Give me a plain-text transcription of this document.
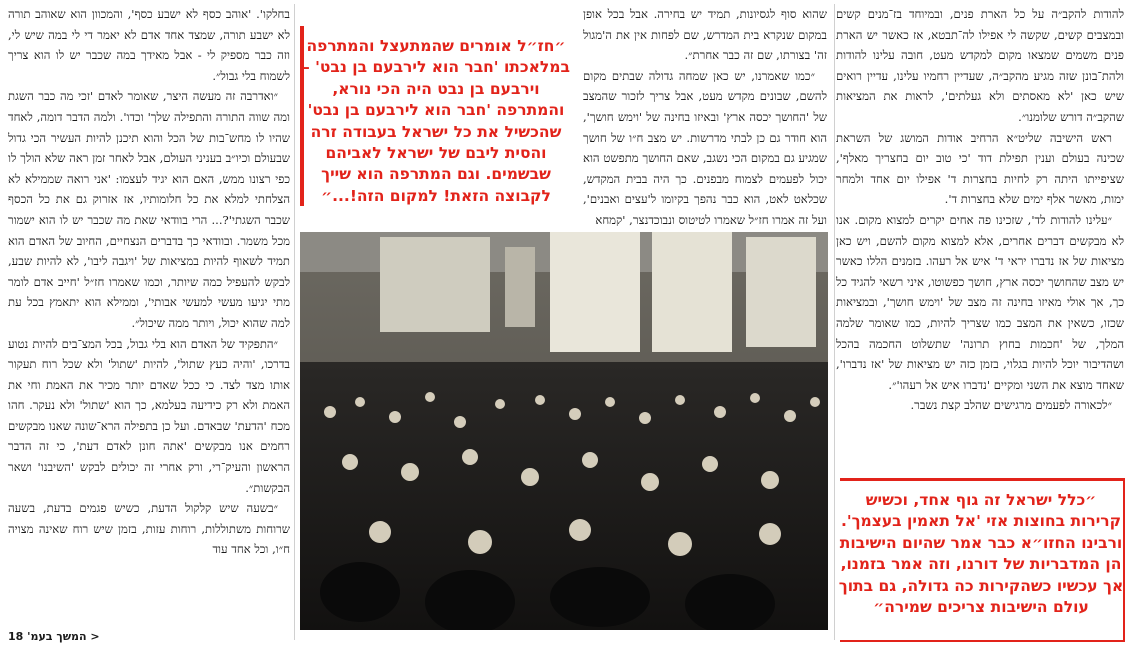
להודות להקב״ה על כל הארת פנים, ובמיוחד בז־מנים קשים ובמצבים קשים, שקשה לי אפילו לה־תבטא, אז כאשר יש הארת פנים משמים שמצאו מקום למקדש מעט, חובה עלינו להודות ולהת־בונן שזה מגיע מהקב״ה, שעדיין רחמיו עלינו, עדיין רואים שיש כאן 'לא מאסתים ולא געלתים', לראות את המציאות שהקב״ה דורש שלומנו״.

ראש הישיבה שליט״א הרחיב אודות המושג של השראת שכינה בעולם וענין תפילת דוד 'כי טוב יום בחצריך מאלף', שציפייתו היתה רק לחיות בחצרות ד' אפילו יום אחד ולמחר ימות, מאשר אלף ימים שלא בחצרות ד'.

״עלינו להודות לד', שזכינו פה אחים יקרים למצוא מקום. אנו לא מבקשים דברים אחרים, אלא למצוא מקום להשם, ויש כאן מציאות של אז נדברו יראי ד' איש אל רעהו. בזמנים הללו כאשר יש מצב שהחושך יכסה ארץ, חושך כפשוטו, איני רשאי להגיד כל כך, אך אולי מאיזו בחינה זה מצב של 'וימש חושך', ובמציאות שכזו, כשאין את המצב כמו שצריך להיות, כמו שאומר שלמה המלך, של 'חכמות בחוץ תרונה' שתשלוט החכמה בהכל ושהדיבור יוכל להיות בגלוי, בזמן כזה יש מציאות של 'אז נדברו', שאחד מוצא את השני ומקיים 'נדברו איש אל רעהו'״.

״לכאורה לפעמים מרגישים שהלב קצת נשבר.

״כלל ישראל זה גוף אחד, וכשיש קרירות בחוצות אזי 'אל תאמין בעצמך'. ורבינו החזו״א כבר אמר שהיום הישיבות הן המדבריות של דורנו, וזה אמר בזמנו, אך עכשיו כשהקירות כה גדולה, גם בתוך עולם הישיבות צריכים שמירה״

שהוא סוף לגסיונות, תמיד יש בחירה. אבל בכל אופן במקום שנקרא בית המדרש, שם לפחות אין את ה'מגול זה' בצורתו, שם זה כבר אחרת״.

״כמו שאמרנו, יש כאן שמחה גדולה שבתים מקום להשם, שבונים מקדש מעט, אבל צריך לזכור שהמצב של 'החושך יכסה ארץ' ובאיזו בחינה של 'וימש חושך', הוא חודר גם כן לבתי מדרשות. יש מצב ח״ו של חושך שמגיע גם במקום הכי נשגב, שאם החושך מתפשט הוא יכול לפעמים לצמוח מבפנים. כך היה בבית המקדש, שכלאט לאט, הוא כבר נהפך בקיומו ל'עצים ואבנים', ועל זה אמרו חז״ל שאמרו לטיטוס ונבוכדנצר, 'קמחא

״חז״ל אומרים שהמתעצל והמתרפה במלאכתו 'חבר הוא לירבעם בן נבט' – וירבעם בן נבט היה הכי נורא, והמתרפה 'חבר הוא לירבעם בן נבט' שהכשיל את כל ישראל בעבודה זרה והסית ליבם של ישראל לאביהם שבשמים. וגם המתרפה הוא שייך לקבוצה הזאת! למקום הזה!...״

בחלקו'. 'אוהב כסף לא ישבע כסף', והמכוון הוא שאוהב תורה לא ישבע תורה, שמצד אחד אדם לא יאמר די לי במה שיש לי, וזה כבר מספיק לי - אבל מאידך במה שכבר יש לו הוא צריך לשמוח בלי גבול״.

״ואדרבה זה מעשה היצר, שאומר לאדם 'זכי מה כבר השגת ומה שווה התורה והתפילה שלך' וכדו'. ולמה הדבר דומה, לאחד שהיו לו מחש־בות של הכל והוא תיכנן להיות העשיר הכי גדול שבעולם וכיו״ב בעניני העולם, אבל לאחר זמן ראה שלא הולך לו כפי רצונו ממש, האם הוא יגיד לעצמו: 'אני רואה שממילא לא הצלחתי למלא את כל חלומותיו, אז אזרוק גם את כל הכסף שכבר השגתי'?... הרי בוודאי שאת מה שכבר יש לו הוא ישמור מכל משמר. ובוודאי כך בדברים הנצחיים, החיוב של האדם הוא תמיד לשאוף להיות במציאות של 'ויגבה ליבו', לא להיות שבע, לבקש להעפיל כמה שיותר, וכמו שאמרו חז״ל 'חייב אדם לומר מתי יגיעו מעשי למעשי אבותי', וממילא הוא יתאמץ בכל עת למה שהוא יכול, ויותר ממה שיכול״.

״התפקיד של האדם הוא בלי גבול, בכל המצ־בים להיות נטוע בדרכו, 'והיה כעץ שתול', להיות 'שתול' ולא שכל רוח תעקור אותו מצד לצד. כי ככל שאדם יותר מכיר את האמת וחי את האמת ולא רק כידיעה בעלמא, כך הוא 'שתול' ולא נעקר. חהו מכח 'הדעת' שבאדם. ועל כן בתפילה הרא־שונה שאנו מבקשים רחמים אנו מבקשים 'אתה חונן לאדם דעת', כי זה הדבר הראשון והעיק־רי, ורק אחרי זה יכולים לבקש 'השיבנו' ושאר הבקשות״.

״בשעה שיש קלקול הדעת, כשיש פגמים בדעת, בשעה שרוחות משתוללות, רוחות עזות, בזמן שיש רוח שאינה מצויה ח״ו, וכל אחד עוד

< המשך בעמ' 18
